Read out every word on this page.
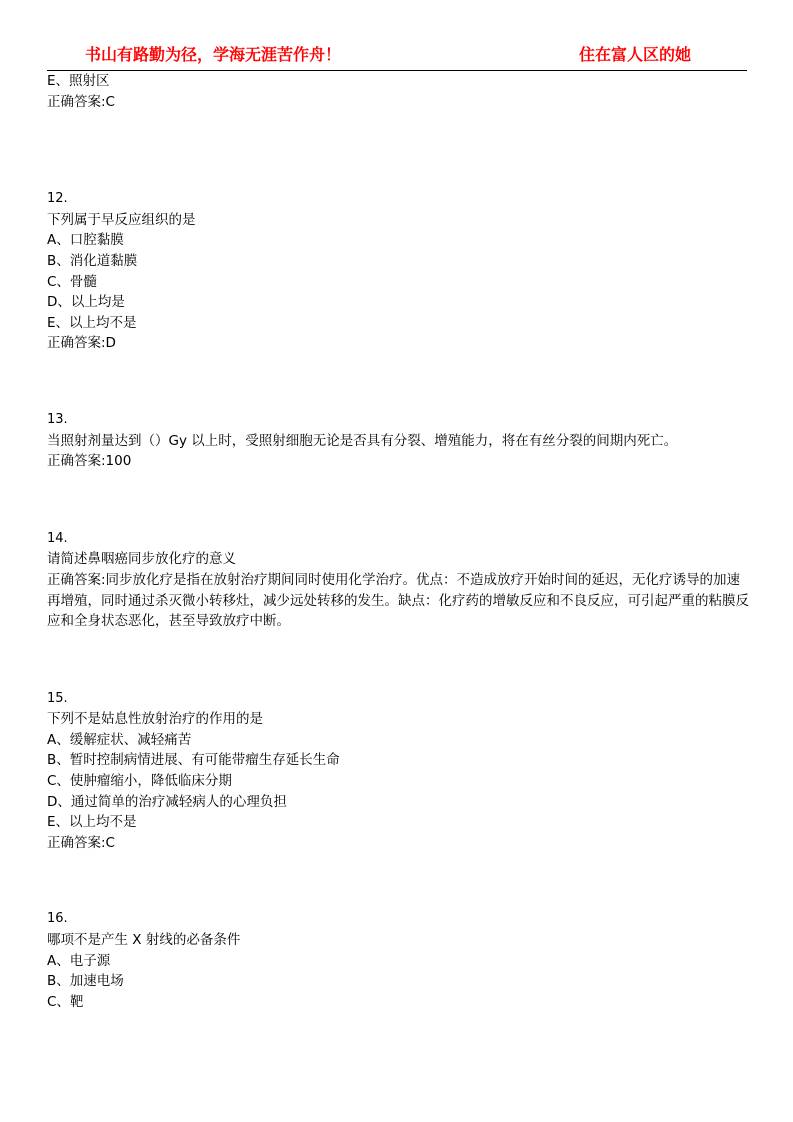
书山有路勤为径，学海无涯苦作舟！	住在富人区的她
E、照射区
正确答案:C
12.
下列属于早反应组织的是
A、口腔黏膜
B、消化道黏膜
C、骨髓
D、以上均是
E、以上均不是
正确答案:D
13.
当照射剂量达到（）Gy 以上时，受照射细胞无论是否具有分裂、增殖能力，将在有丝分裂的间期内死亡。
正确答案:100
14.
请简述鼻咽癌同步放化疗的意义
正确答案:同步放化疗是指在放射治疗期间同时使用化学治疗。优点：不造成放疗开始时间的延迟，无化疗诱导的加速再增殖，同时通过杀灭微小转移灶，减少远处转移的发生。缺点：化疗药的增敏反应和不良反应，可引起严重的粘膜反应和全身状态恶化，甚至导致放疗中断。
15.
下列不是姑息性放射治疗的作用的是
A、缓解症状、减轻痛苦
B、暂时控制病情进展、有可能带瘤生存延长生命
C、使肿瘤缩小，降低临床分期
D、通过简单的治疗减轻病人的心理负担
E、以上均不是
正确答案:C
16.
哪项不是产生 X 射线的必备条件
A、电子源
B、加速电场
C、靶
